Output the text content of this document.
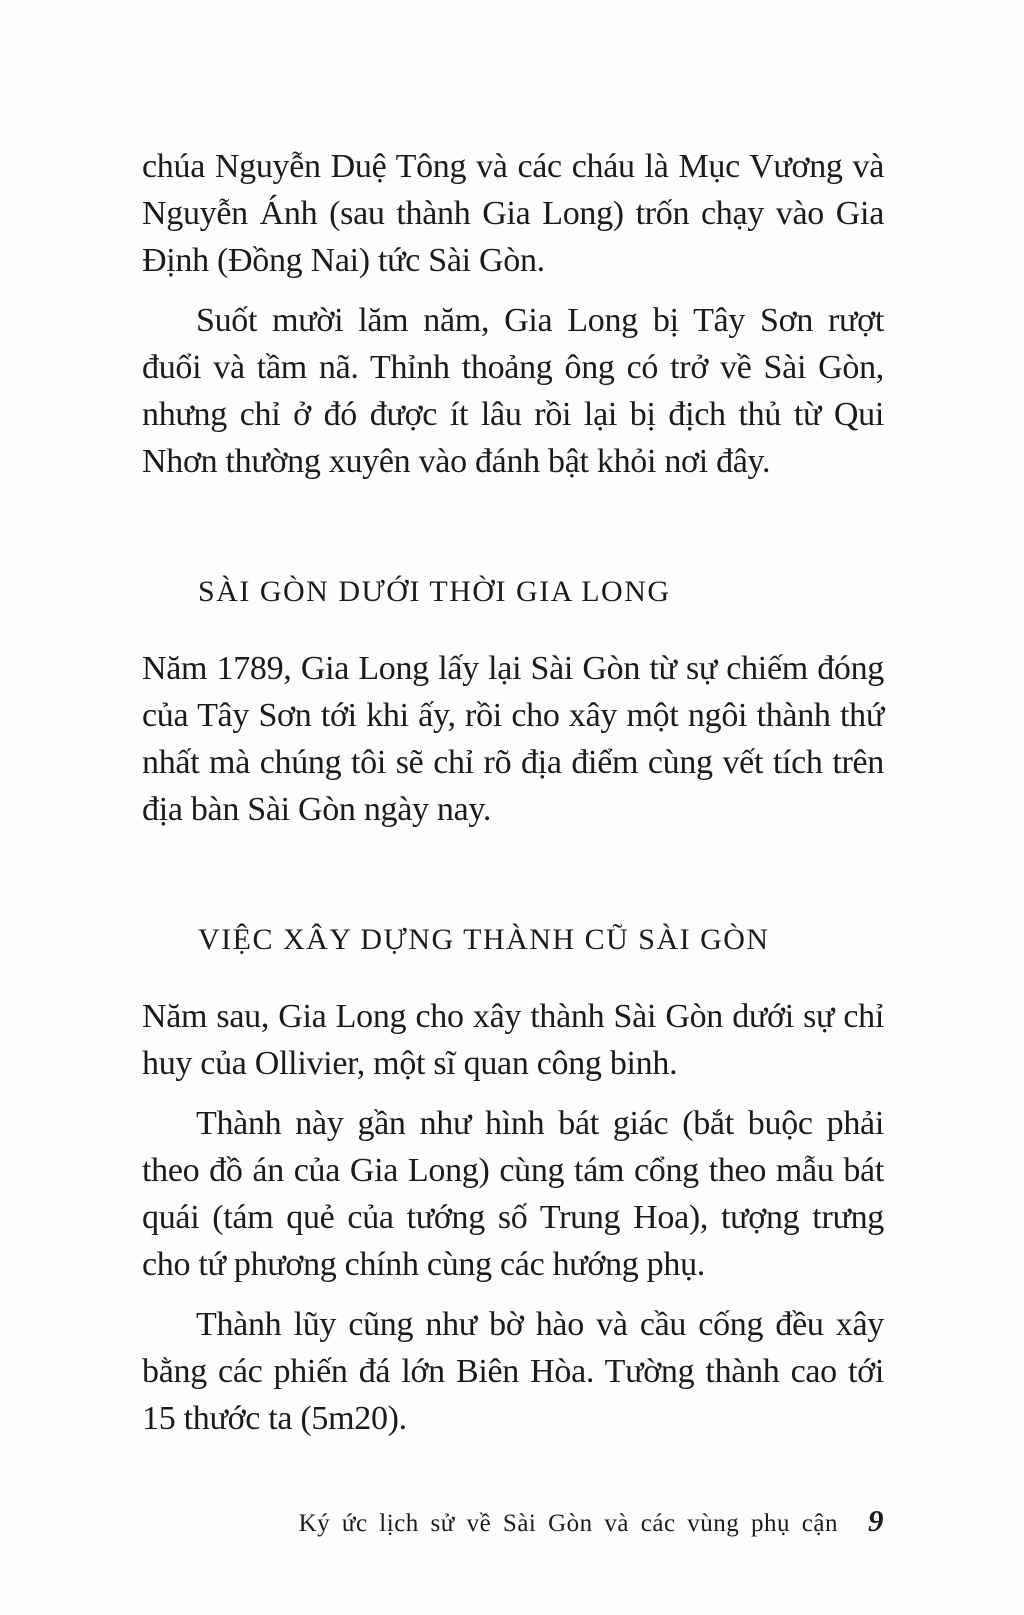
chúa Nguyễn Duệ Tông và các cháu là Mục Vương và Nguyễn Ánh (sau thành Gia Long) trốn chạy vào Gia Định (Đồng Nai) tức Sài Gòn.

Suốt mười lăm năm, Gia Long bị Tây Sơn rượt đuổi và tầm nã. Thỉnh thoảng ông có trở về Sài Gòn, nhưng chỉ ở đó được ít lâu rồi lại bị địch thủ từ Qui Nhơn thường xuyên vào đánh bật khỏi nơi đây.

SÀI GÒN DƯỚI THỜI GIA LONG

Năm 1789, Gia Long lấy lại Sài Gòn từ sự chiếm đóng của Tây Sơn tới khi ấy, rồi cho xây một ngôi thành thứ nhất mà chúng tôi sẽ chỉ rõ địa điểm cùng vết tích trên địa bàn Sài Gòn ngày nay.

VIỆC XÂY DỰNG THÀNH CŨ SÀI GÒN

Năm sau, Gia Long cho xây thành Sài Gòn dưới sự chỉ huy của Ollivier, một sĩ quan công binh.

Thành này gần như hình bát giác (bắt buộc phải theo đồ án của Gia Long) cùng tám cổng theo mẫu bát quái (tám quẻ của tướng số Trung Hoa), tượng trưng cho tứ phương chính cùng các hướng phụ.

Thành lũy cũng như bờ hào và cầu cống đều xây bằng các phiến đá lớn Biên Hòa. Tường thành cao tới 15 thước ta (5m20).

Ký ức lịch sử về Sài Gòn và các vùng phụ cận 9
